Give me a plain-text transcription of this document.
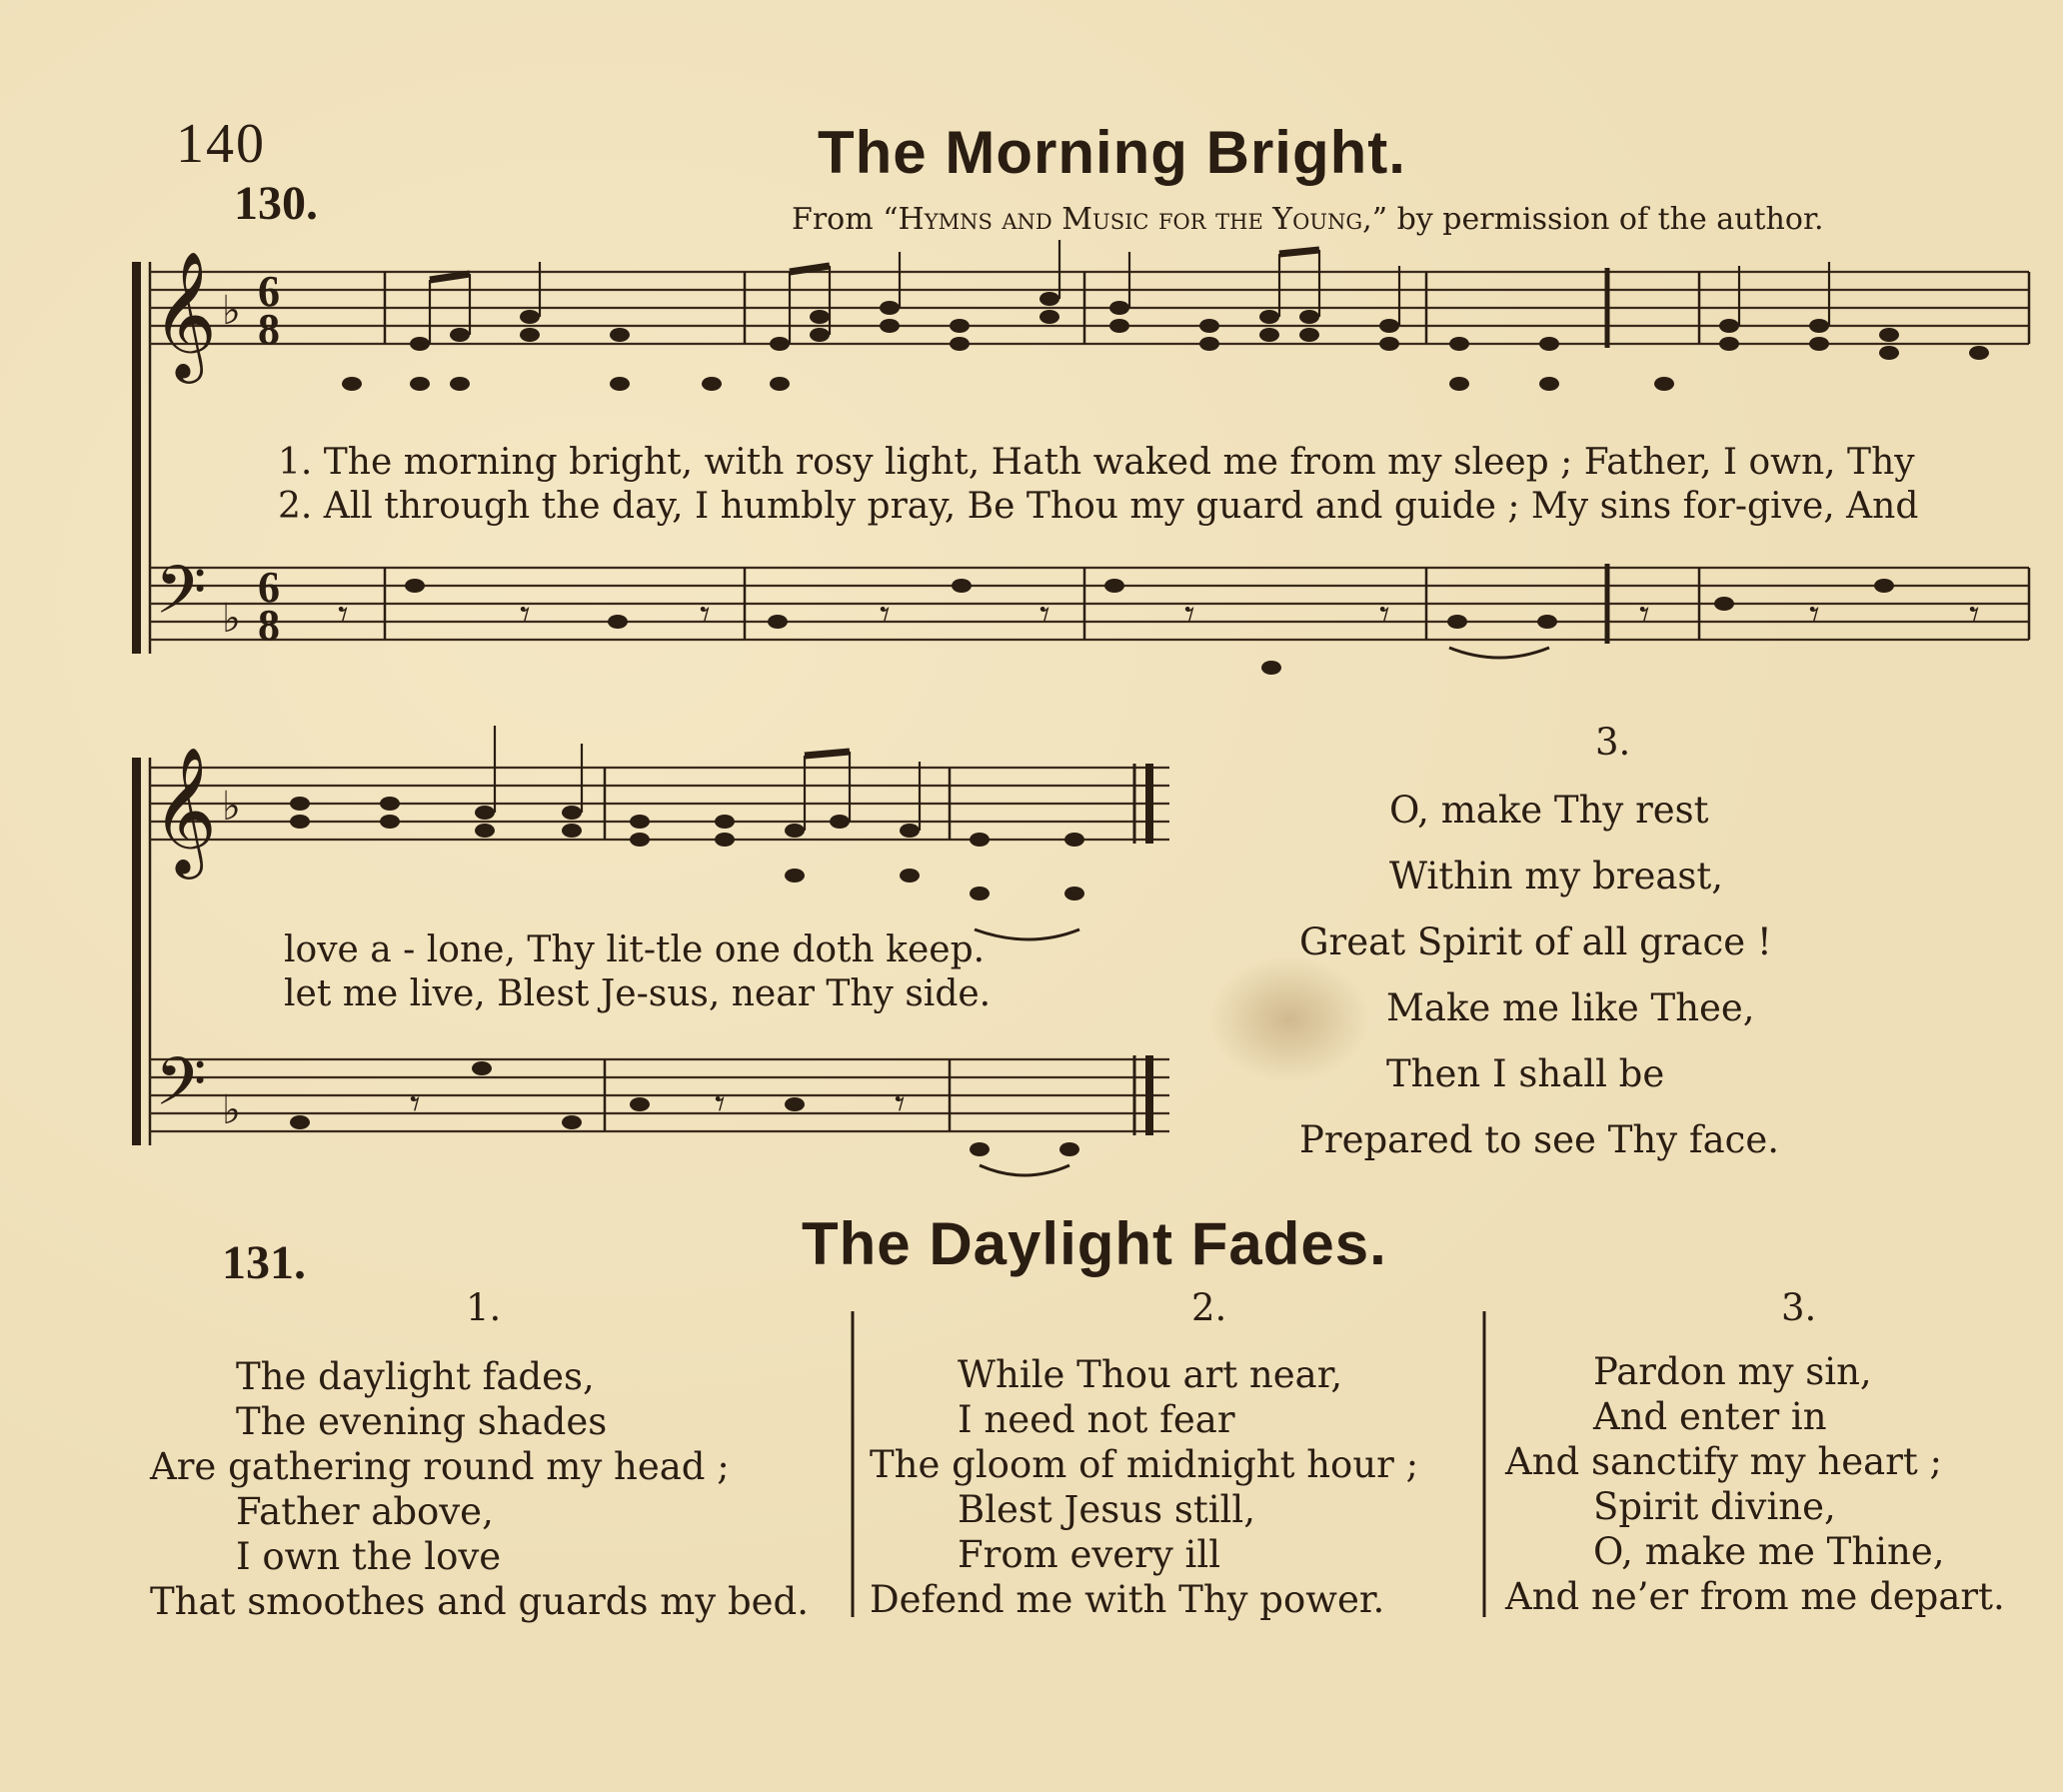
140
130.
The Morning Bright.
From “Hymns and Music for the Young,” by permission of the author.
𝄞
𝄢
♭
♭
6
8
6
8 𝄾	𝄾	𝄾	𝄾	𝄾	𝄾	𝄾	𝄾	𝄾	𝄾
𝄞
𝄢
♭
♭	𝄾	𝄾	𝄾
1. The morning bright, with rosy light, Hath waked me from my sleep ; Father, I own, Thy
2. All through the day, I humbly pray, Be Thou my guard and guide ; My sins for-give, And
love a - lone, Thy lit-tle one doth keep.
let me live, Blest Je-sus, near Thy side.
3.
O, make Thy rest
Within my breast,
Great Spirit of all grace !
Make me like Thee,
Then I shall be
Prepared to see Thy face.
131.	The Daylight Fades.
1.
The daylight fades,
The evening shades
Are gathering round my head ;
Father above,
I own the love
That smoothes and guards my bed.
2.
While Thou art near,
I need not fear
The gloom of midnight hour ;
Blest Jesus still,
From every ill
Defend me with Thy power.
3.
Pardon my sin,
And enter in
And sanctify my heart ;
Spirit divine,
O, make me Thine,
And ne’er from me depart.
